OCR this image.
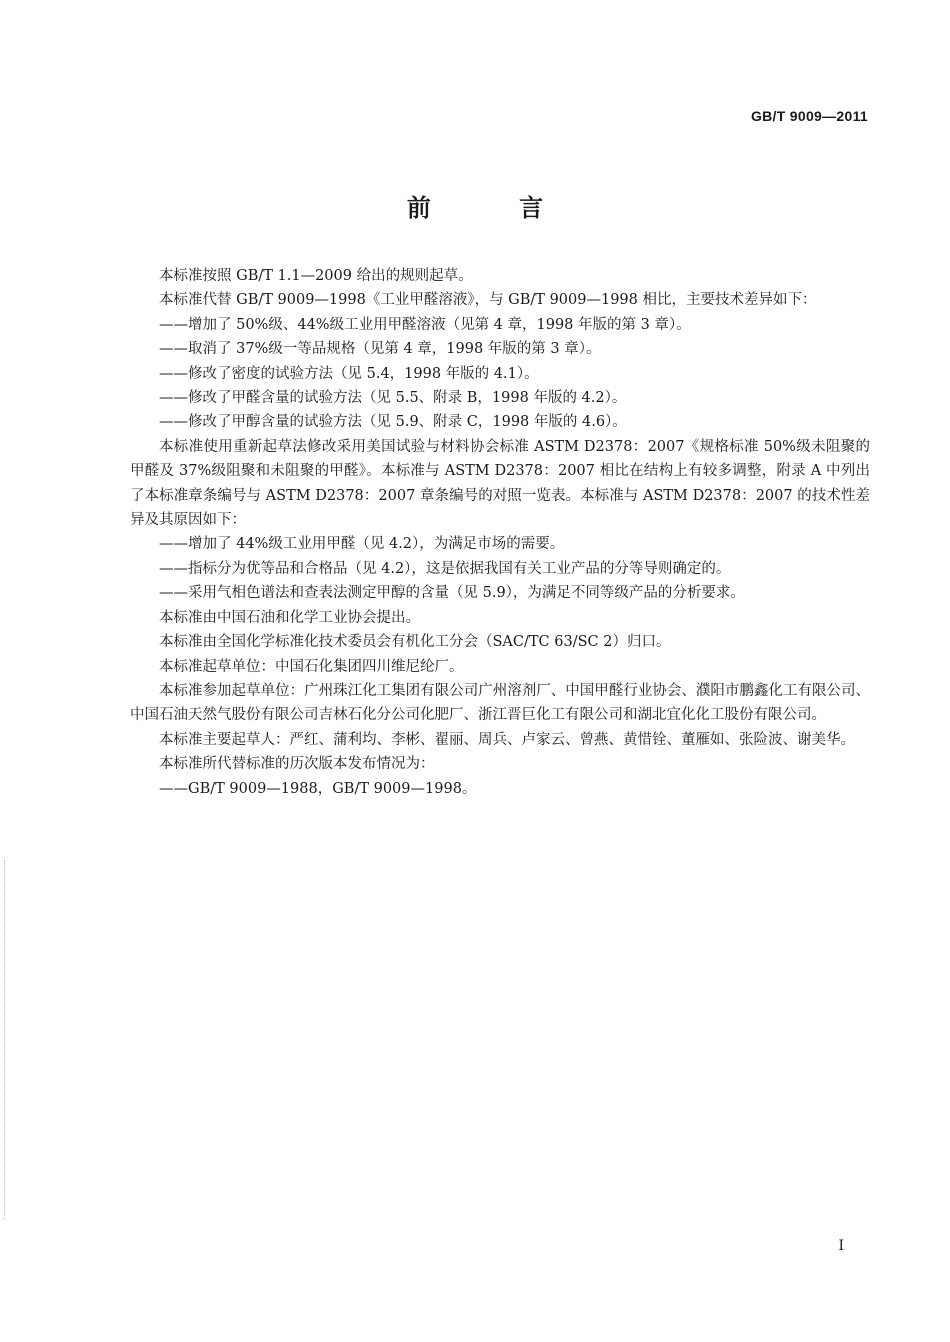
GB/T 9009—2011
前 言

本标准按照 GB/T 1.1—2009 给出的规则起草。

本标准代替 GB/T 9009—1998《工业甲醛溶液》，与 GB/T 9009—1998 相比，主要技术差异如下：

——增加了 50%级、44%级工业用甲醛溶液（见第 4 章，1998 年版的第 3 章）。

——取消了 37%级一等品规格（见第 4 章，1998 年版的第 3 章）。

——修改了密度的试验方法（见 5.4，1998 年版的 4.1）。

——修改了甲醛含量的试验方法（见 5.5、附录 B，1998 年版的 4.2）。

——修改了甲醇含量的试验方法（见 5.9、附录 C，1998 年版的 4.6）。

本标准使用重新起草法修改采用美国试验与材料协会标准 ASTM D2378：2007《规格标准 50%级未阻聚的甲醛及 37%级阻聚和未阻聚的甲醛》。本标准与 ASTM D2378：2007 相比在结构上有较多调整，附录 A 中列出了本标准章条编号与 ASTM D2378：2007 章条编号的对照一览表。本标准与 ASTM D2378：2007 的技术性差异及其原因如下：

——增加了 44%级工业用甲醛（见 4.2），为满足市场的需要。

——指标分为优等品和合格品（见 4.2），这是依据我国有关工业产品的分等导则确定的。

——采用气相色谱法和查表法测定甲醇的含量（见 5.9），为满足不同等级产品的分析要求。

本标准由中国石油和化学工业协会提出。

本标准由全国化学标准化技术委员会有机化工分会（SAC/TC 63/SC 2）归口。

本标准起草单位：中国石化集团四川维尼纶厂。

本标准参加起草单位：广州珠江化工集团有限公司广州溶剂厂、中国甲醛行业协会、濮阳市鹏鑫化工有限公司、中国石油天然气股份有限公司吉林石化分公司化肥厂、浙江晋巨化工有限公司和湖北宜化化工股份有限公司。

本标准主要起草人：严红、蒲利均、李彬、翟丽、周兵、卢家云、曾燕、黄惜铨、董雁如、张险波、谢美华。

本标准所代替标准的历次版本发布情况为：

——GB/T 9009—1988，GB/T 9009—1998。

I
